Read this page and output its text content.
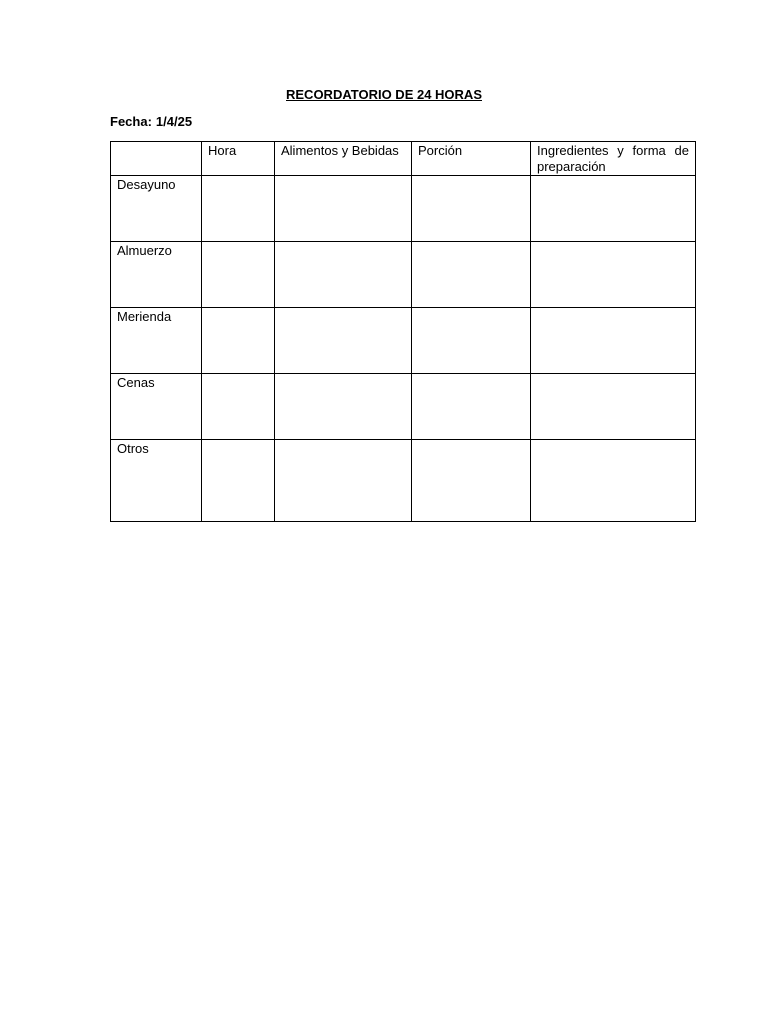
RECORDATORIO DE 24 HORAS
Fecha: 1/4/25
	Hora	Alimentos y Bebidas	Porción	Ingredientes y forma de preparación
Desayuno				
Almuerzo				
Merienda				
Cenas				
Otros				
